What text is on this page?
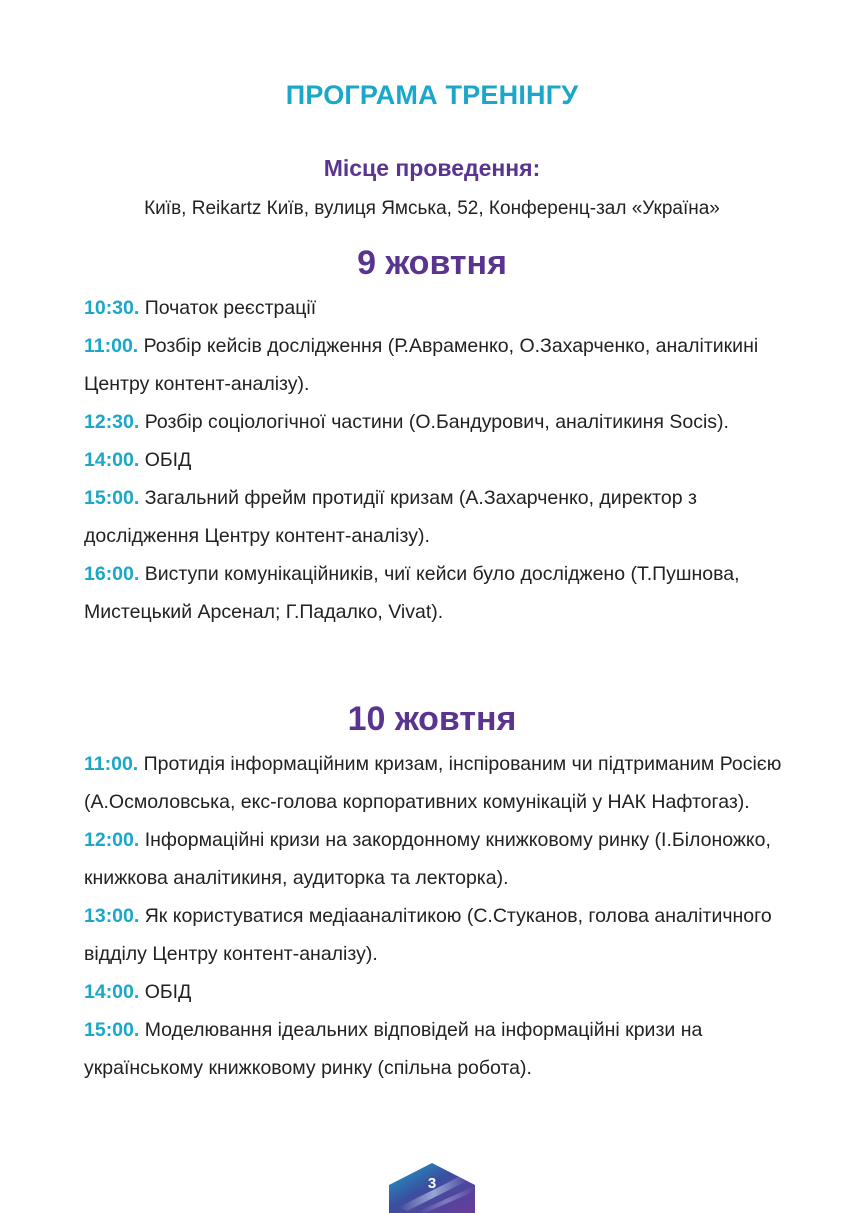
ПРОГРАМА ТРЕНІНГУ
Місце проведення:
Київ, Reikartz Київ, вулиця Ямська, 52, Конференц-зал «Україна»
9 жовтня

10:30. Початок реєстрації

11:00. Розбір кейсів дослідження (Р.Авраменко, О.Захарченко, аналітикині Центру контент-аналізу).

12:30. Розбір соціологічної частини (О.Бандурович, аналітикиня Socis).

14:00. ОБІД

15:00. Загальний фрейм протидії кризам (А.Захарченко, директор з дослідження Центру контент-аналізу).

16:00. Виступи комунікаційників, чиї кейси було досліджено (Т.Пушнова, Мистецький Арсенал; Г.Падалко, Vivat).

10 жовтня

11:00. Протидія інформаційним кризам, інспірованим чи підтриманим Росією (А.Осмоловська, екс-голова корпоративних комунікацій у НАК Нафтогаз).

12:00. Інформаційні кризи на закордонному книжковому ринку (І.Білоножко, книжкова аналітикиня, аудиторка та лекторка).

13:00. Як користуватися медіааналітикою (С.Стуканов, голова аналітичного відділу Центру контент-аналізу).

14:00. ОБІД

15:00. Моделювання ідеальних відповідей на інформаційні кризи на українському книжковому ринку (спільна робота).

3
